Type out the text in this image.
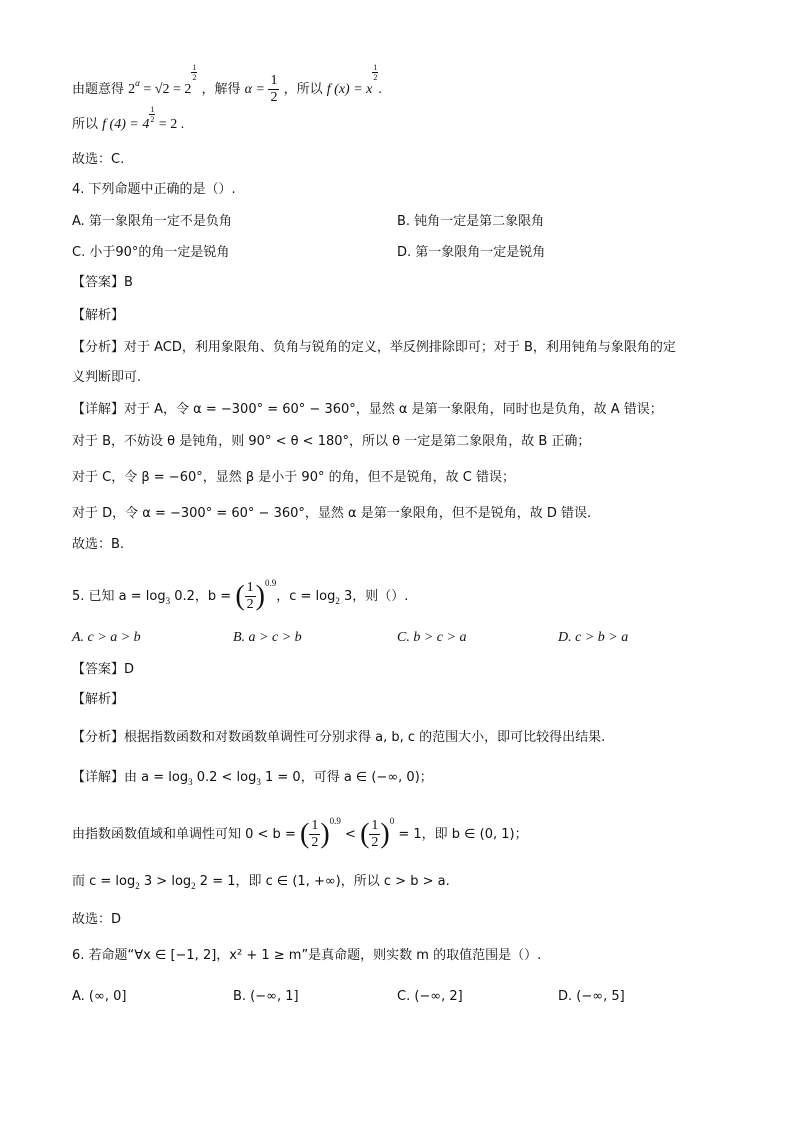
由题意得 $2^\alpha = √2 = 2$
$\frac{1}{2}$
，解得 $\alpha = \frac{1}{2}$ ，所以 f (x) = x
$\frac{1}{2}$
.
所以 f (4) = 4
$\frac{1}{2}$
= 2 .
故选：C.
4. 下列命题中正确的是（）.
A. 第一象限角一定不是负角	B. 钝角一定是第二象限角
C. 小于90°的角一定是锐角	D. 第一象限角一定是锐角
【答案】B
【解析】
【分析】对于 ACD，利用象限角、负角与锐角的定义，举反例排除即可；对于 B，利用钝角与象限角的定
义判断即可.
【详解】对于 A，令 α = −300° = 60° − 360°，显然 α 是第一象限角，同时也是负角，故 A 错误；
对于 B，不妨设 θ 是钝角，则 90° < θ < 180°，所以 θ 一定是第二象限角，故 B 正确；
对于 C，令 β = −60°，显然 β 是小于 90° 的角，但不是锐角，故 C 错误；
对于 D，令 α = −300° = 60° − 360°，显然 α 是第一象限角，但不是锐角，故 D 错误.
故选：B.
5. 已知 $a = \log_3 0.2$，b = ( $\frac{1}{2} )^{0.9}$，$c = \log_2 3$，则（）.
A. c > a > b	B. a > c > b	C. b > c > a	D. c > b > a
【答案】D
【解析】
【分析】根据指数函数和对数函数单调性可分别求得 a, b, c 的范围大小，即可比较得出结果.
【详解】由 $a = \log_3 0.2 < \log_3 1 = 0$，可得 a ∈ (−∞, 0)；
由指数函数值域和单调性可知 0 < b = ( $\frac{1}{2} )^{0.9}$ < ( $\frac{1}{2} )^0 = 1$，即 b ∈ (0, 1)；
而 $c = \log_2 3 > \log_2 2 = 1$，即 c ∈ (1, +∞)，所以 c > b > a.
故选：D
6. 若命题“∀x ∈ [−1, 2]，x² + 1 ≥ m”是真命题，则实数 m 的取值范围是（）.
A. (∞, 0]	B. (−∞, 1]	C. (−∞, 2]	D. (−∞, 5]
